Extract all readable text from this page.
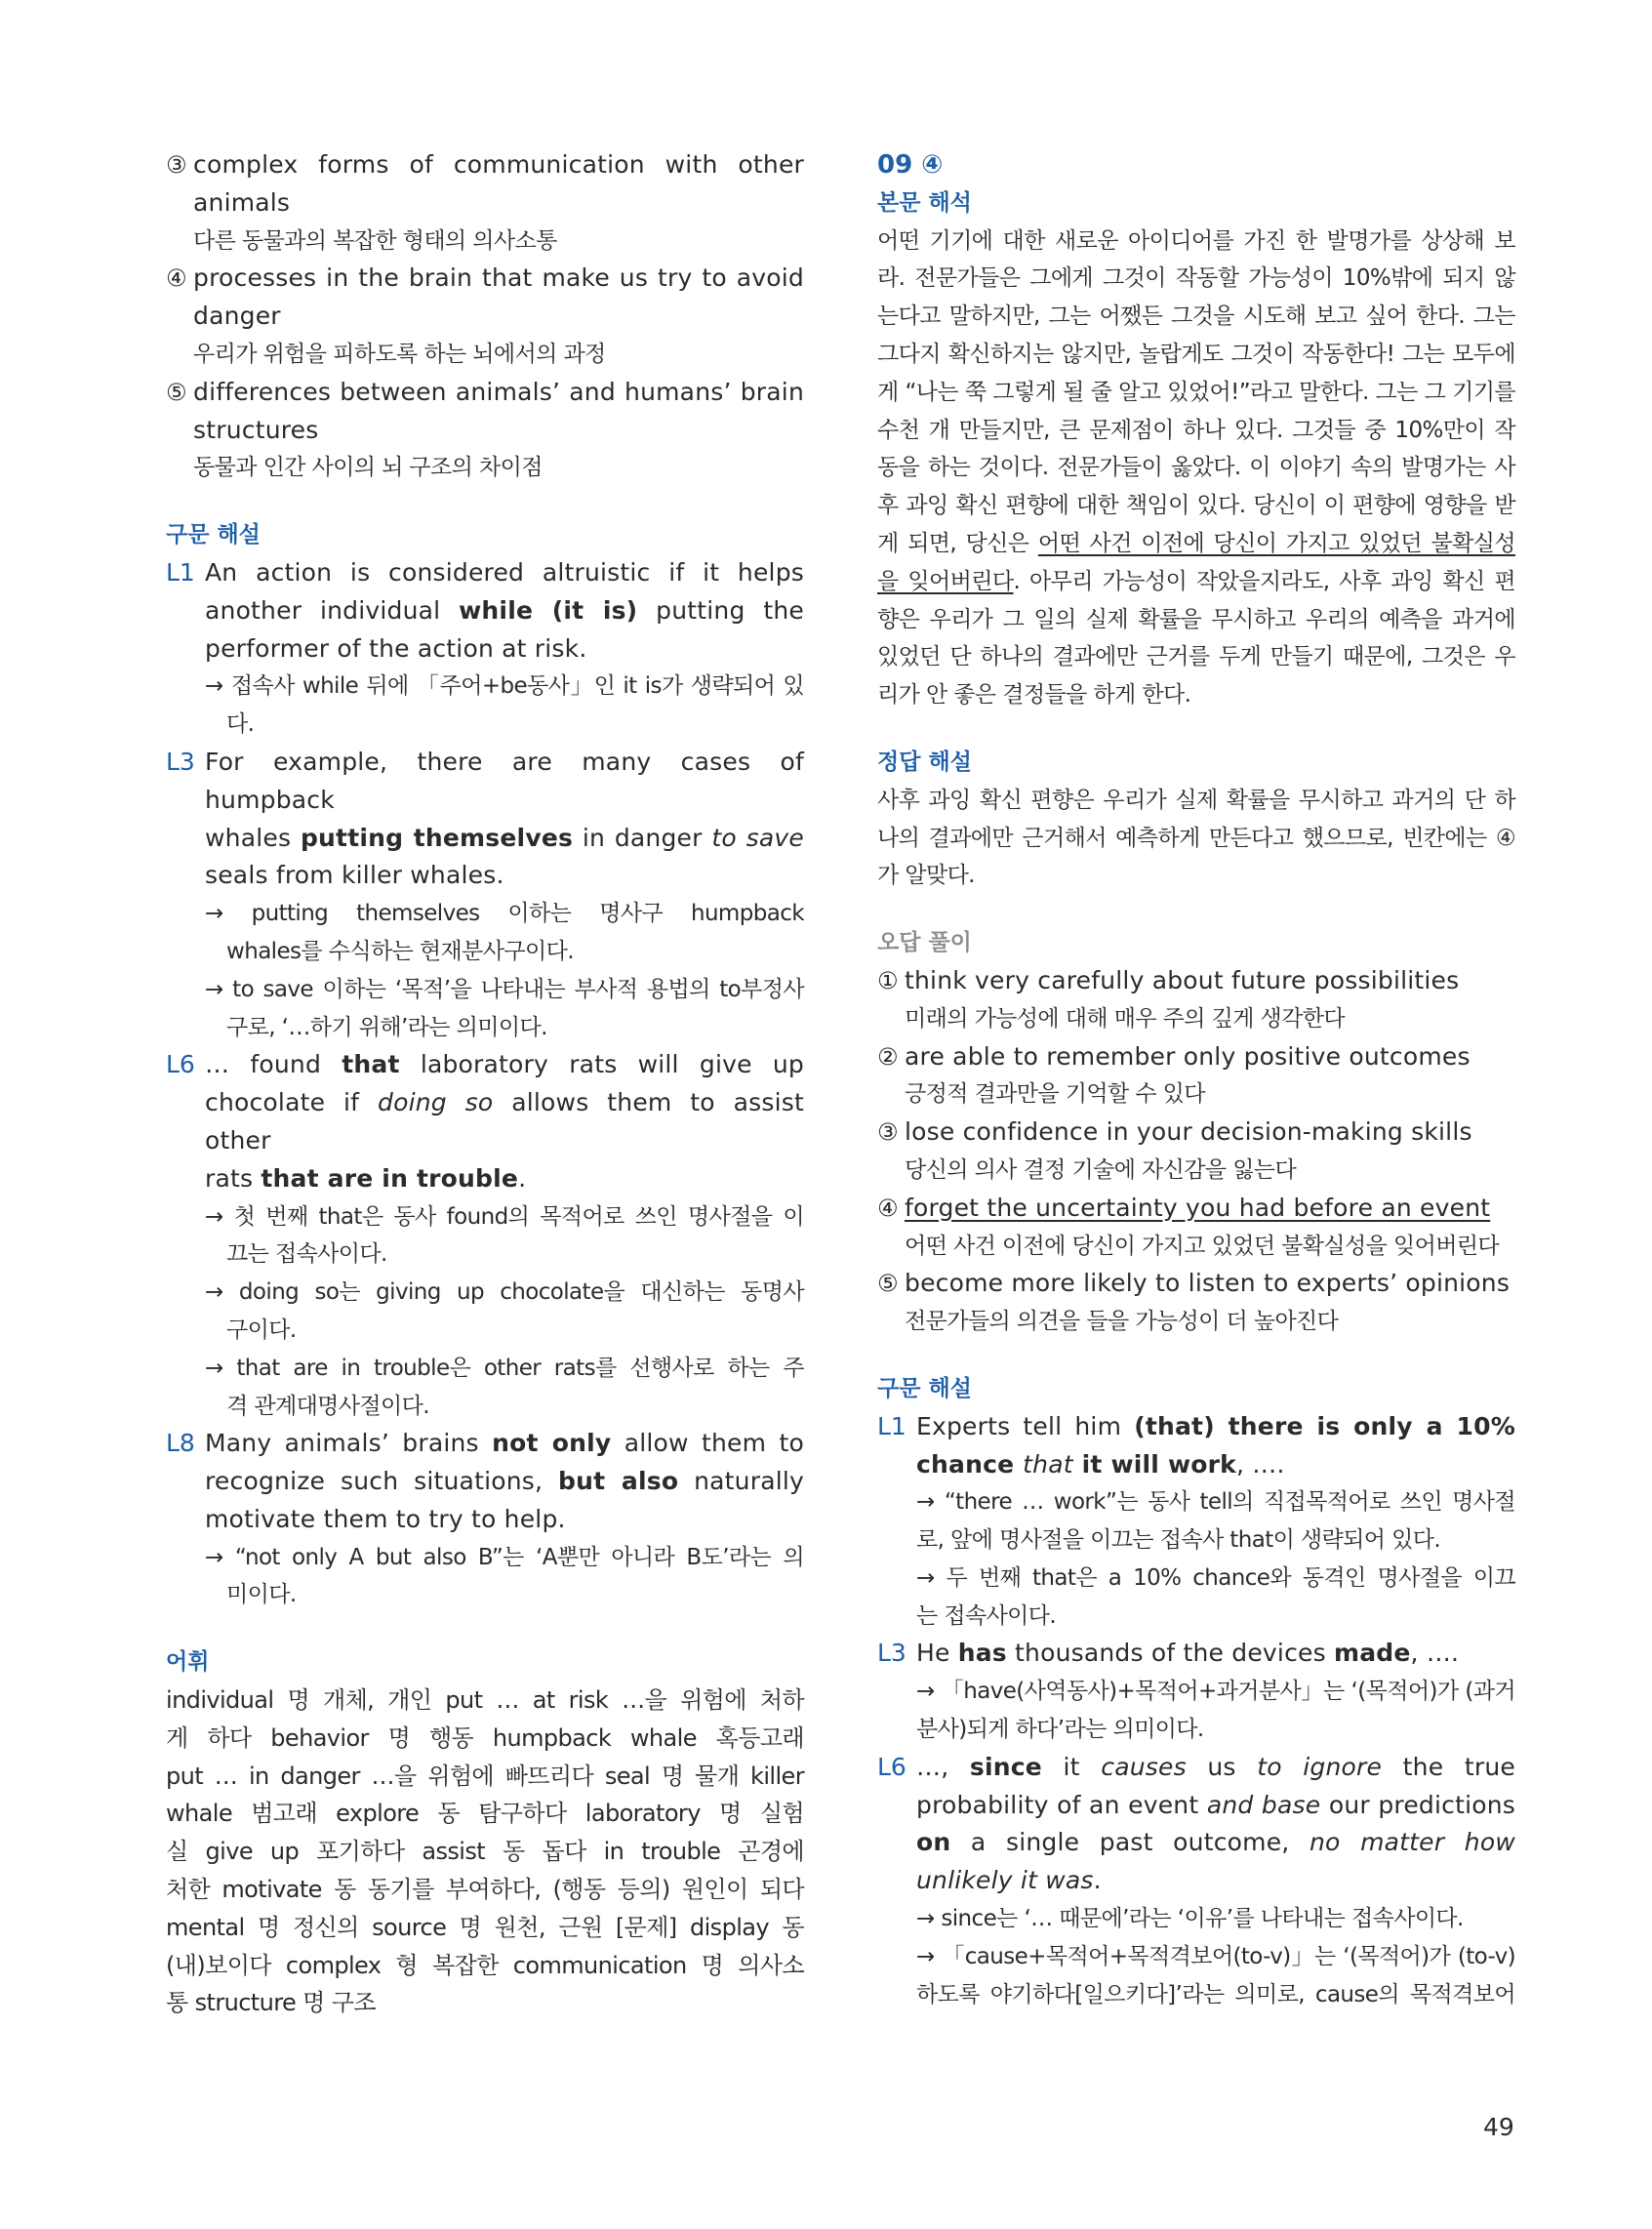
③ complex forms of communication with other
animals
다른 동물과의 복잡한 형태의 의사소통
④ processes in the brain that make us try to avoid
danger
우리가 위험을 피하도록 하는 뇌에서의 과정
⑤ differences between animals’ and humans’ brain
structures
동물과 인간 사이의 뇌 구조의 차이점
구문 해설
L1 An action is considered altruistic if it helps
another individual while (it is) putting the
performer of the action at risk.
→ 접속사 while 뒤에 「주어+be동사」인 it is가 생략되어 있
다.
L3 For example, there are many cases of humpback
whales putting themselves in danger to save
seals from killer whales.
→ putting themselves 이하는 명사구 humpback
whales를 수식하는 현재분사구이다.
→ to save 이하는 ‘목적’을 나타내는 부사적 용법의 to부정사
구로, ‘…하기 위해’라는 의미이다.
L6 … found that laboratory rats will give up
chocolate if doing so allows them to assist other
rats that are in trouble.
→ 첫 번째 that은 동사 found의 목적어로 쓰인 명사절을 이
끄는 접속사이다.
→ doing so는 giving up chocolate을 대신하는 동명사
구이다.
→ that are in trouble은 other rats를 선행사로 하는 주
격 관계대명사절이다.
L8 Many animals’ brains not only allow them to
recognize such situations, but also naturally
motivate them to try to help.
→ “not only A but also B”는 ‘A뿐만 아니라 B도’라는 의
미이다.
어휘
individual 명 개체, 개인 put … at risk …을 위험에 처하
게 하다 behavior 명 행동 humpback whale 혹등고래
put … in danger …을 위험에 빠뜨리다 seal 명 물개 killer
whale 범고래 explore 동 탐구하다 laboratory 명 실험
실 give up 포기하다 assist 동 돕다 in trouble 곤경에
처한 motivate 동 동기를 부여하다, (행동 등의) 원인이 되다
mental 명 정신의 source 명 원천, 근원 [문제] display 동
(내)보이다 complex 형 복잡한 communication 명 의사소
통 structure 명 구조
09 ④
본문 해석
어떤 기기에 대한 새로운 아이디어를 가진 한 발명가를 상상해 보
라. 전문가들은 그에게 그것이 작동할 가능성이 10%밖에 되지 않
는다고 말하지만, 그는 어쨌든 그것을 시도해 보고 싶어 한다. 그는
그다지 확신하지는 않지만, 놀랍게도 그것이 작동한다! 그는 모두에
게 “나는 쭉 그렇게 될 줄 알고 있었어!”라고 말한다. 그는 그 기기를
수천 개 만들지만, 큰 문제점이 하나 있다. 그것들 중 10%만이 작
동을 하는 것이다. 전문가들이 옳았다. 이 이야기 속의 발명가는 사
후 과잉 확신 편향에 대한 책임이 있다. 당신이 이 편향에 영향을 받
게 되면, 당신은 어떤 사건 이전에 당신이 가지고 있었던 불확실성
을 잊어버린다. 아무리 가능성이 작았을지라도, 사후 과잉 확신 편
향은 우리가 그 일의 실제 확률을 무시하고 우리의 예측을 과거에
있었던 단 하나의 결과에만 근거를 두게 만들기 때문에, 그것은 우
리가 안 좋은 결정들을 하게 한다.
정답 해설
사후 과잉 확신 편향은 우리가 실제 확률을 무시하고 과거의 단 하
나의 결과에만 근거해서 예측하게 만든다고 했으므로, 빈칸에는 ④
가 알맞다.
오답 풀이
① think very carefully about future possibilities
미래의 가능성에 대해 매우 주의 깊게 생각한다
② are able to remember only positive outcomes
긍정적 결과만을 기억할 수 있다
③ lose confidence in your decision-making skills
당신의 의사 결정 기술에 자신감을 잃는다
④ forget the uncertainty you had before an event
어떤 사건 이전에 당신이 가지고 있었던 불확실성을 잊어버린다
⑤ become more likely to listen to experts’ opinions
전문가들의 의견을 들을 가능성이 더 높아진다
구문 해설
L1 Experts tell him (that) there is only a 10%
chance that it will work, ….
→ “there … work”는 동사 tell의 직접목적어로 쓰인 명사절
로, 앞에 명사절을 이끄는 접속사 that이 생략되어 있다.
→ 두 번째 that은 a 10% chance와 동격인 명사절을 이끄
는 접속사이다.
L3 He has thousands of the devices made, ….
→ 「have(사역동사)+목적어+과거분사」는 ‘(목적어)가 (과거
분사)되게 하다’라는 의미이다.
L6 …, since it causes us to ignore the true
probability of an event and base our predictions
on a single past outcome, no matter how
unlikely it was.
→ since는 ‘… 때문에’라는 ‘이유’를 나타내는 접속사이다.
→ 「cause+목적어+목적격보어(to-v)」는 ‘(목적어)가 (to-v)
하도록 야기하다[일으키다]’라는 의미로, cause의 목적격보어
49
